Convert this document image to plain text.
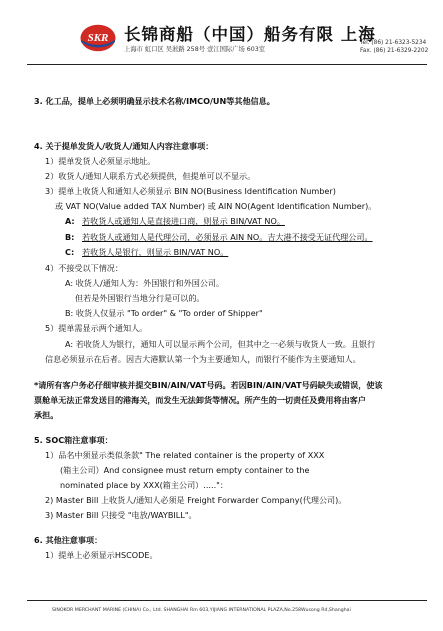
SKR 长锦商船（中国）船务有限 上海
上海市 虹口区 吴淞路 258号 壹江国际广场 603室
Tel. (86) 21-6323-5234
Fax. (86) 21-6329-2202
3. 化工品，提单上必须明确显示技术名称/IMCO/UN等其他信息。
4. 关于提单发货人/收货人/通知人内容注意事项：
1）提单发货人必须显示地址。
2）收货人/通知人联系方式必须提供，但提单可以不显示。
3）提单上收货人和通知人必须显示 BIN NO(Business Identification Number)
或 VAT NO(Value added TAX Number) 或 AIN NO(Agent Identification Number)。
A: 若收货人或通知人是直接进口商，则显示 BIN/VAT NO。
B: 若收货人或通知人是代理公司，必须显示 AIN NO。吉大港不接受无证代理公司。
C: 若收货人是银行，则显示 BIN/VAT NO。
4）不接受以下情况：
A: 收货人/通知人为：外国银行和外国公司。
但若是外国银行当地分行是可以的。
B: 收货人仅显示 "To order" & "To order of Shipper"
5）提单需显示两个通知人。
A: 若收货人为银行，通知人可以显示两个公司，但其中之一必须与收货人一致。且银行
信息必须显示在后者。因吉大港默认第一个为主要通知人，而银行不能作为主要通知人。
*请所有客户务必仔细审核并提交BIN/AIN/VAT号码。若因BIN/AIN/VAT号码缺失或错误，使该
票舱单无法正常发送目的港海关，而发生无法卸货等情况。所产生的一切责任及费用将由客户
承担。
5. SOC箱注意事项：
1）品名中须显示类似条款" The related container is the property of XXX
(箱主公司）And consignee must return empty container to the
nominated place by XXX(箱主公司）....."：
2) Master Bill 上收货人/通知人必须是 Freight Forwarder Company(代理公司)。
3) Master Bill 只接受 "电放/WAYBILL"。
6. 其他注意事项：
1）提单上必须显示HSCODE。
SINOKOR MERCHANT MARINE (CHINA) Co., Ltd. SHANGHAI Rm 603,YIJIANG INTERNATIONAL PLAZA,No.258Wusong Rd,Shanghai
